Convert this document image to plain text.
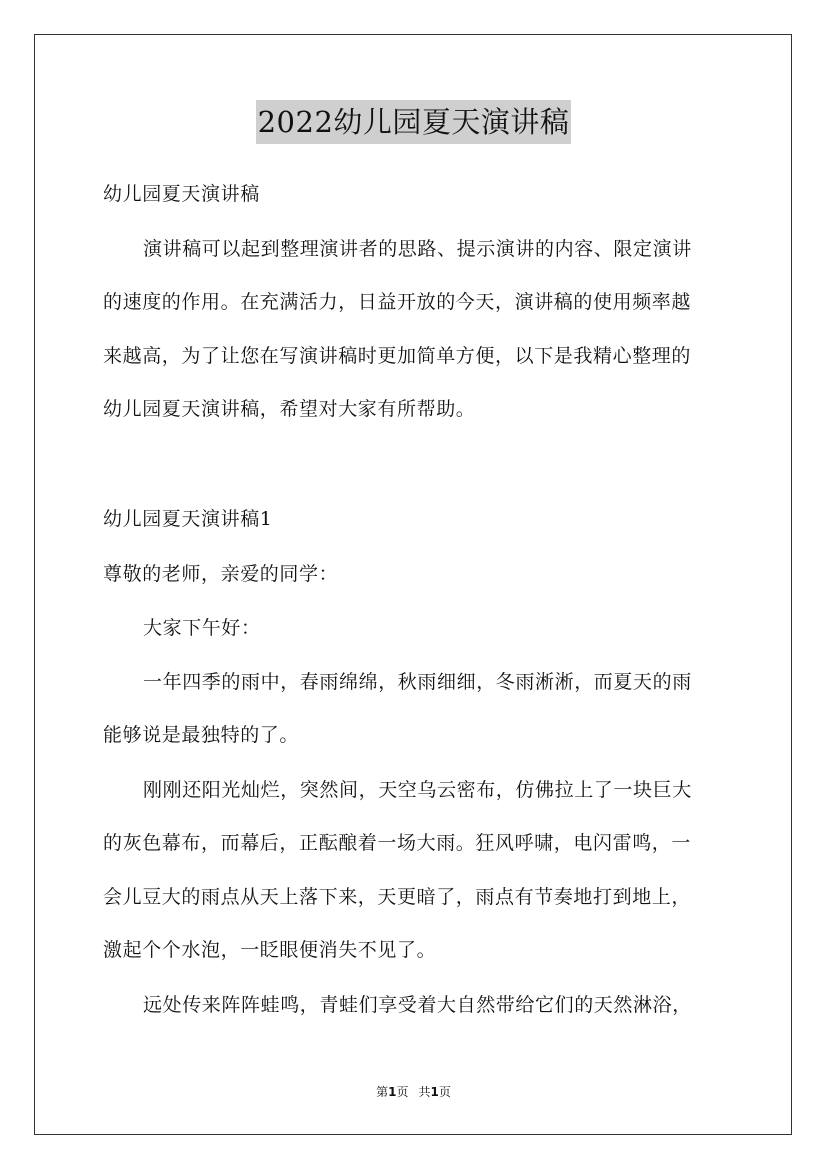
2022幼儿园夏天演讲稿
幼儿园夏天演讲稿
演讲稿可以起到整理演讲者的思路、提示演讲的内容、限定演讲
的速度的作用。在充满活力，日益开放的今天，演讲稿的使用频率越
来越高，为了让您在写演讲稿时更加简单方便，以下是我精心整理的
幼儿园夏天演讲稿，希望对大家有所帮助。
幼儿园夏天演讲稿1
尊敬的老师，亲爱的同学：
大家下午好：
一年四季的雨中，春雨绵绵，秋雨细细，冬雨淅淅，而夏天的雨
能够说是最独特的了。
刚刚还阳光灿烂，突然间，天空乌云密布，仿佛拉上了一块巨大
的灰色幕布，而幕后，正酝酿着一场大雨。狂风呼啸，电闪雷鸣，一
会儿豆大的雨点从天上落下来，天更暗了，雨点有节奏地打到地上，
激起个个水泡，一眨眼便消失不见了。
远处传来阵阵蛙鸣，青蛙们享受着大自然带给它们的天然淋浴，
第1页 共1页
